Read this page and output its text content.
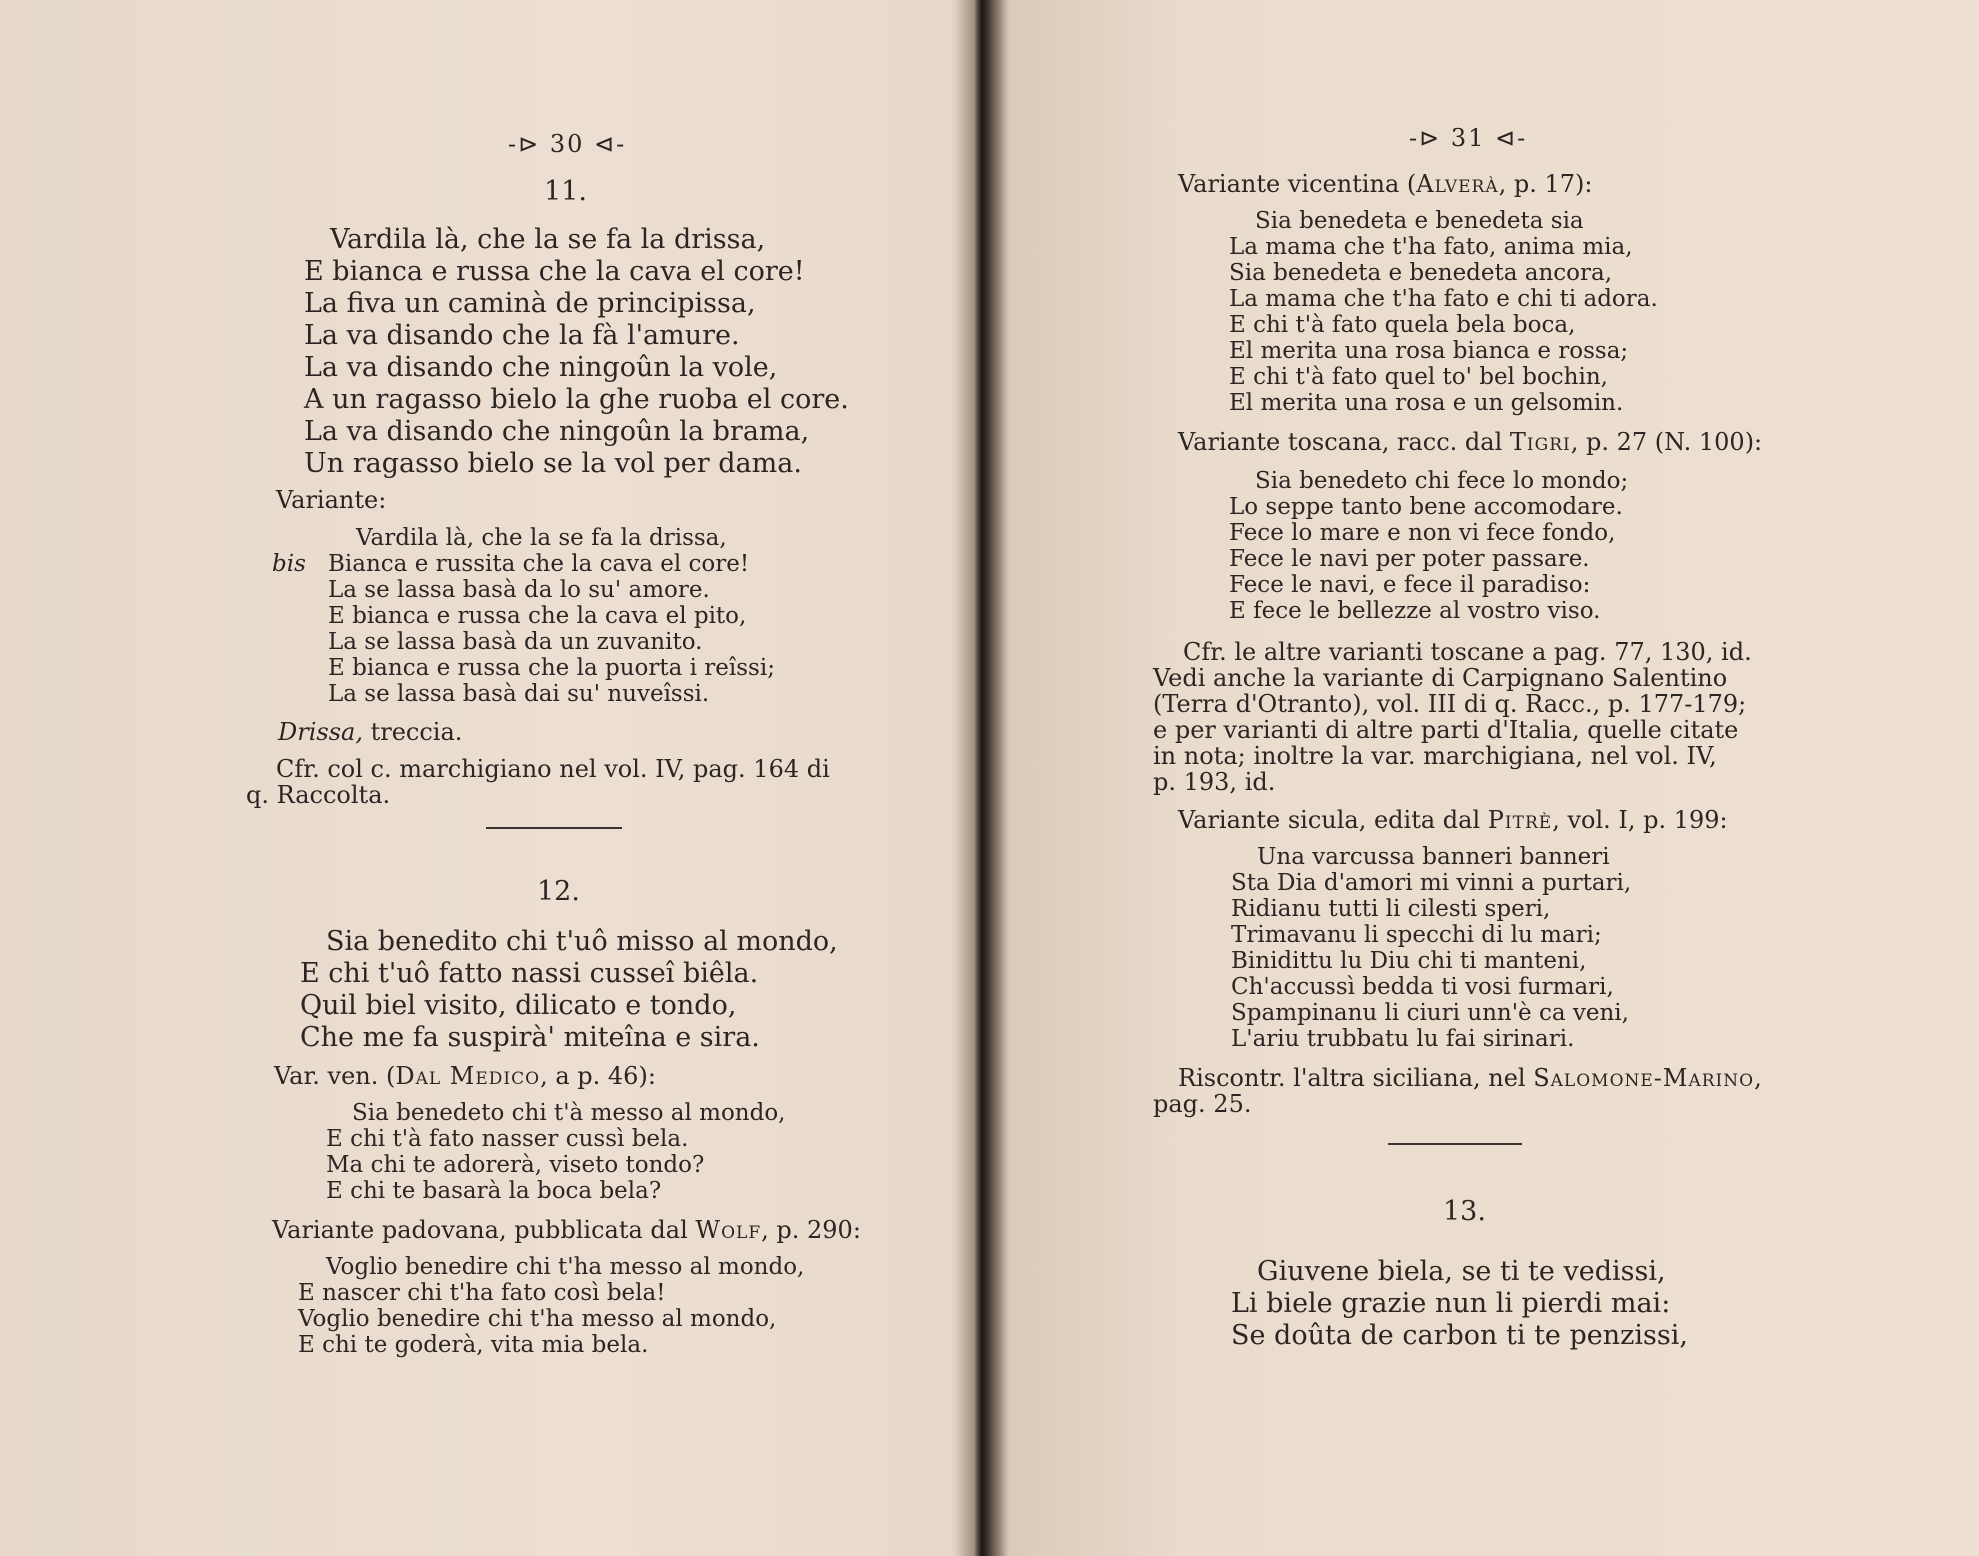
-⊳ 30 ⊲-
11.
Vardila là, che la se fa la drissa,
E bianca e russa che la cava el core!
La fiva un caminà de principissa,
La va disando che la fà l'amure.
La va disando che ningoûn la vole,
A un ragasso bielo la ghe ruoba el core.
La va disando che ningoûn la brama,
Un ragasso bielo se la vol per dama.
Variante:
Vardila là, che la se fa la drissa,
bis Bianca e russita che la cava el core!
La se lassa basà da lo su' amore.
E bianca e russa che la cava el pito,
La se lassa basà da un zuvanito.
E bianca e russa che la puorta i reîssi;
La se lassa basà dai su' nuveîssi.
Drissa, treccia.
Cfr. col c. marchigiano nel vol. IV, pag. 164 di
q. Raccolta.
12.
Sia benedito chi t'uô misso al mondo,
E chi t'uô fatto nassi cusseî biêla.
Quil biel visito, dilicato e tondo,
Che me fa suspirà' miteîna e sira.
Var. ven. (Dal Medico, a p. 46):
Sia benedeto chi t'à messo al mondo,
E chi t'à fato nasser cussì bela.
Ma chi te adorerà, viseto tondo?
E chi te basarà la boca bela?
Variante padovana, pubblicata dal Wolf, p. 290:
Voglio benedire chi t'ha messo al mondo,
E nascer chi t'ha fato così bela!
Voglio benedire chi t'ha messo al mondo,
E chi te goderà, vita mia bela.
-⊳ 31 ⊲-
Variante vicentina (Alverà, p. 17):
Sia benedeta e benedeta sia
La mama che t'ha fato, anima mia,
Sia benedeta e benedeta ancora,
La mama che t'ha fato e chi ti adora.
E chi t'à fato quela bela boca,
El merita una rosa bianca e rossa;
E chi t'à fato quel to' bel bochin,
El merita una rosa e un gelsomin.
Variante toscana, racc. dal Tigri, p. 27 (N. 100):
Sia benedeto chi fece lo mondo;
Lo seppe tanto bene accomodare.
Fece lo mare e non vi fece fondo,
Fece le navi per poter passare.
Fece le navi, e fece il paradiso:
E fece le bellezze al vostro viso.
Cfr. le altre varianti toscane a pag. 77, 130, id.
Vedi anche la variante di Carpignano Salentino
(Terra d'Otranto), vol. III di q. Racc., p. 177-179;
e per varianti di altre parti d'Italia, quelle citate
in nota; inoltre la var. marchigiana, nel vol. IV,
p. 193, id.
Variante sicula, edita dal Pitrè, vol. I, p. 199:
Una varcussa banneri banneri
Sta Dia d'amori mi vinni a purtari,
Ridianu tutti li cilesti speri,
Trimavanu li specchi di lu mari;
Binidittu lu Diu chi ti manteni,
Ch'accussì bedda ti vosi furmari,
Spampinanu li ciuri unn'è ca veni,
L'ariu trubbatu lu fai sirinari.
Riscontr. l'altra siciliana, nel Salomone-Marino,
pag. 25.
13.
Giuvene biela, se ti te vedissi,
Li biele grazie nun li pierdi mai:
Se doûta de carbon ti te penzissi,
